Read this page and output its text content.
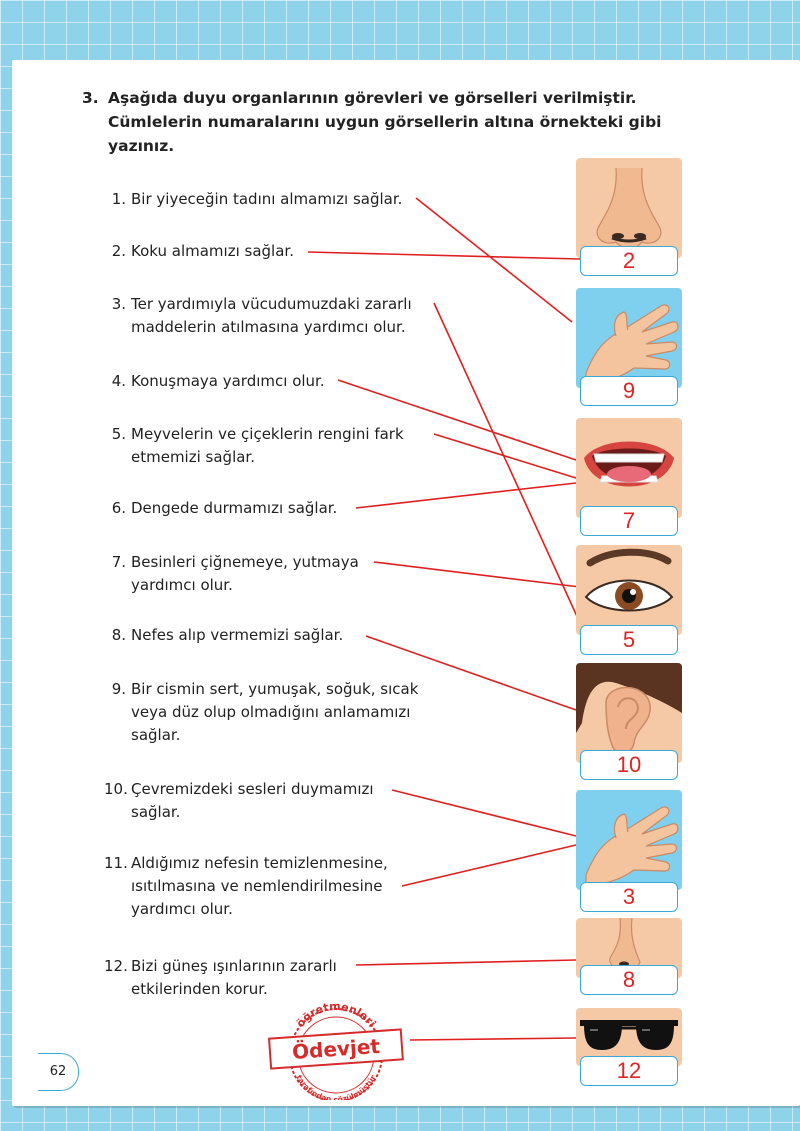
3. Aşağıda duyu organlarının görevleri ve görselleri verilmiştir. Cümlelerin numaralarını uygun görsellerin altına örnekteki gibi yazınız.
1. Bir yiyeceğin tadını almamızı sağlar.
2. Koku almamızı sağlar.
3. Ter yardımıyla vücudumuzdaki zararlı maddelerin atılmasına yardımcı olur.
4. Konuşmaya yardımcı olur.
5. Meyvelerin ve çiçeklerin rengini fark etmemizi sağlar.
6. Dengede durmamızı sağlar.
7. Besinleri çiğnemeye, yutmaya yardımcı olur.
8. Nefes alıp vermemizi sağlar.
9. Bir cismin sert, yumuşak, soğuk, sıcak veya düz olup olmadığını anlamamızı sağlar.
10. Çevremizdeki sesleri duymamızı sağlar.
11. Aldığımız nefesin temizlenmesine, ısıtılmasına ve nemlendirilmesine yardımcı olur.
12. Bizi güneş ışınlarının zararlı etkilerinden korur.
2
9
7
5
10
3
8
12
öğretmenleri
tarafından çözülmüştür
Ödevjet
62
